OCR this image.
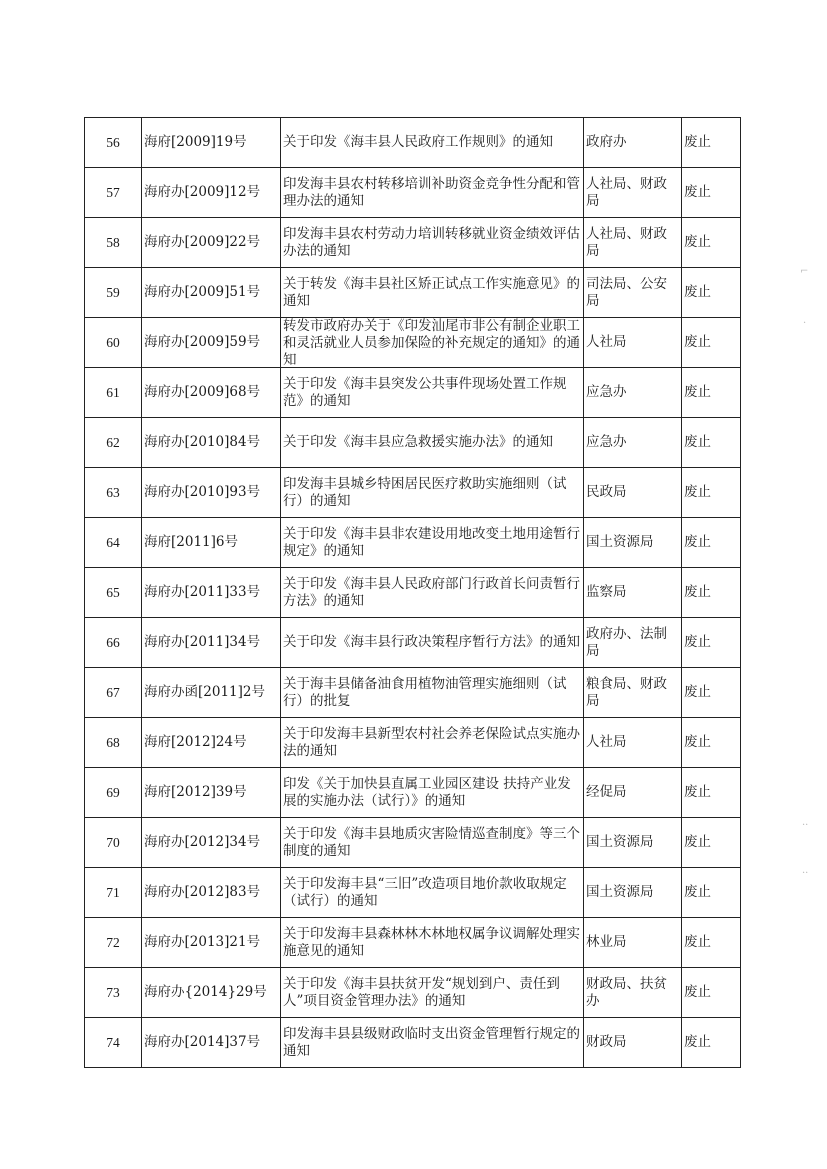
56	海府[2009]19号	关于印发《海丰县人民政府工作规则》的通知	政府办	废止

57	海府办[2009]12号	印发海丰县农村转移培训补助资金竞争性分配和管理办法的通知	人社局、财政局	废止

58	海府办[2009]22号	印发海丰县农村劳动力培训转移就业资金绩效评估办法的通知	人社局、财政局	废止

59	海府办[2009]51号	关于转发《海丰县社区矫正试点工作实施意见》的通知	司法局、公安局	废止

60	海府办[2009]59号	转发市政府办关于《印发汕尾市非公有制企业职工和灵活就业人员参加保险的补充规定的通知》的通知	人社局	废止

61	海府办[2009]68号	关于印发《海丰县突发公共事件现场处置工作规范》的通知	应急办	废止

62	海府办[2010]84号	关于印发《海丰县应急救援实施办法》的通知	应急办	废止

63	海府办[2010]93号	印发海丰县城乡特困居民医疗救助实施细则（试行）的通知	民政局	废止

64	海府[2011]6号	关于印发《海丰县非农建设用地改变土地用途暂行规定》的通知	国土资源局	废止

65	海府办[2011]33号	关于印发《海丰县人民政府部门行政首长问责暂行方法》的通知	监察局	废止

66	海府办[2011]34号	关于印发《海丰县行政决策程序暂行方法》的通知	政府办、法制局	废止

67	海府办函[2011]2号	关于海丰县储备油食用植物油管理实施细则（试行）的批复	粮食局、财政局	废止

68	海府[2012]24号	关于印发海丰县新型农村社会养老保险试点实施办法的通知	人社局	废止

69	海府[2012]39号	印发《关于加快县直属工业园区建设 扶持产业发展的实施办法（试行）》的通知	经促局	废止

70	海府办[2012]34号	关于印发《海丰县地质灾害险情巡查制度》等三个制度的通知	国土资源局	废止

71	海府办[2012]83号	关于印发海丰县“三旧”改造项目地价款收取规定（试行）的通知	国土资源局	废止

72	海府办[2013]21号	关于印发海丰县森林林木林地权属争议调解处理实施意见的通知	林业局	废止

73	海府办{2014}29号	关于印发《海丰县扶贫开发“规划到户、责任到人”项目资金管理办法》的通知	财政局、扶贫办	废止

74	海府办[2014]37号	印发海丰县县级财政临时支出资金管理暂行规定的通知	财政局	废止
⌐
·
··
··
